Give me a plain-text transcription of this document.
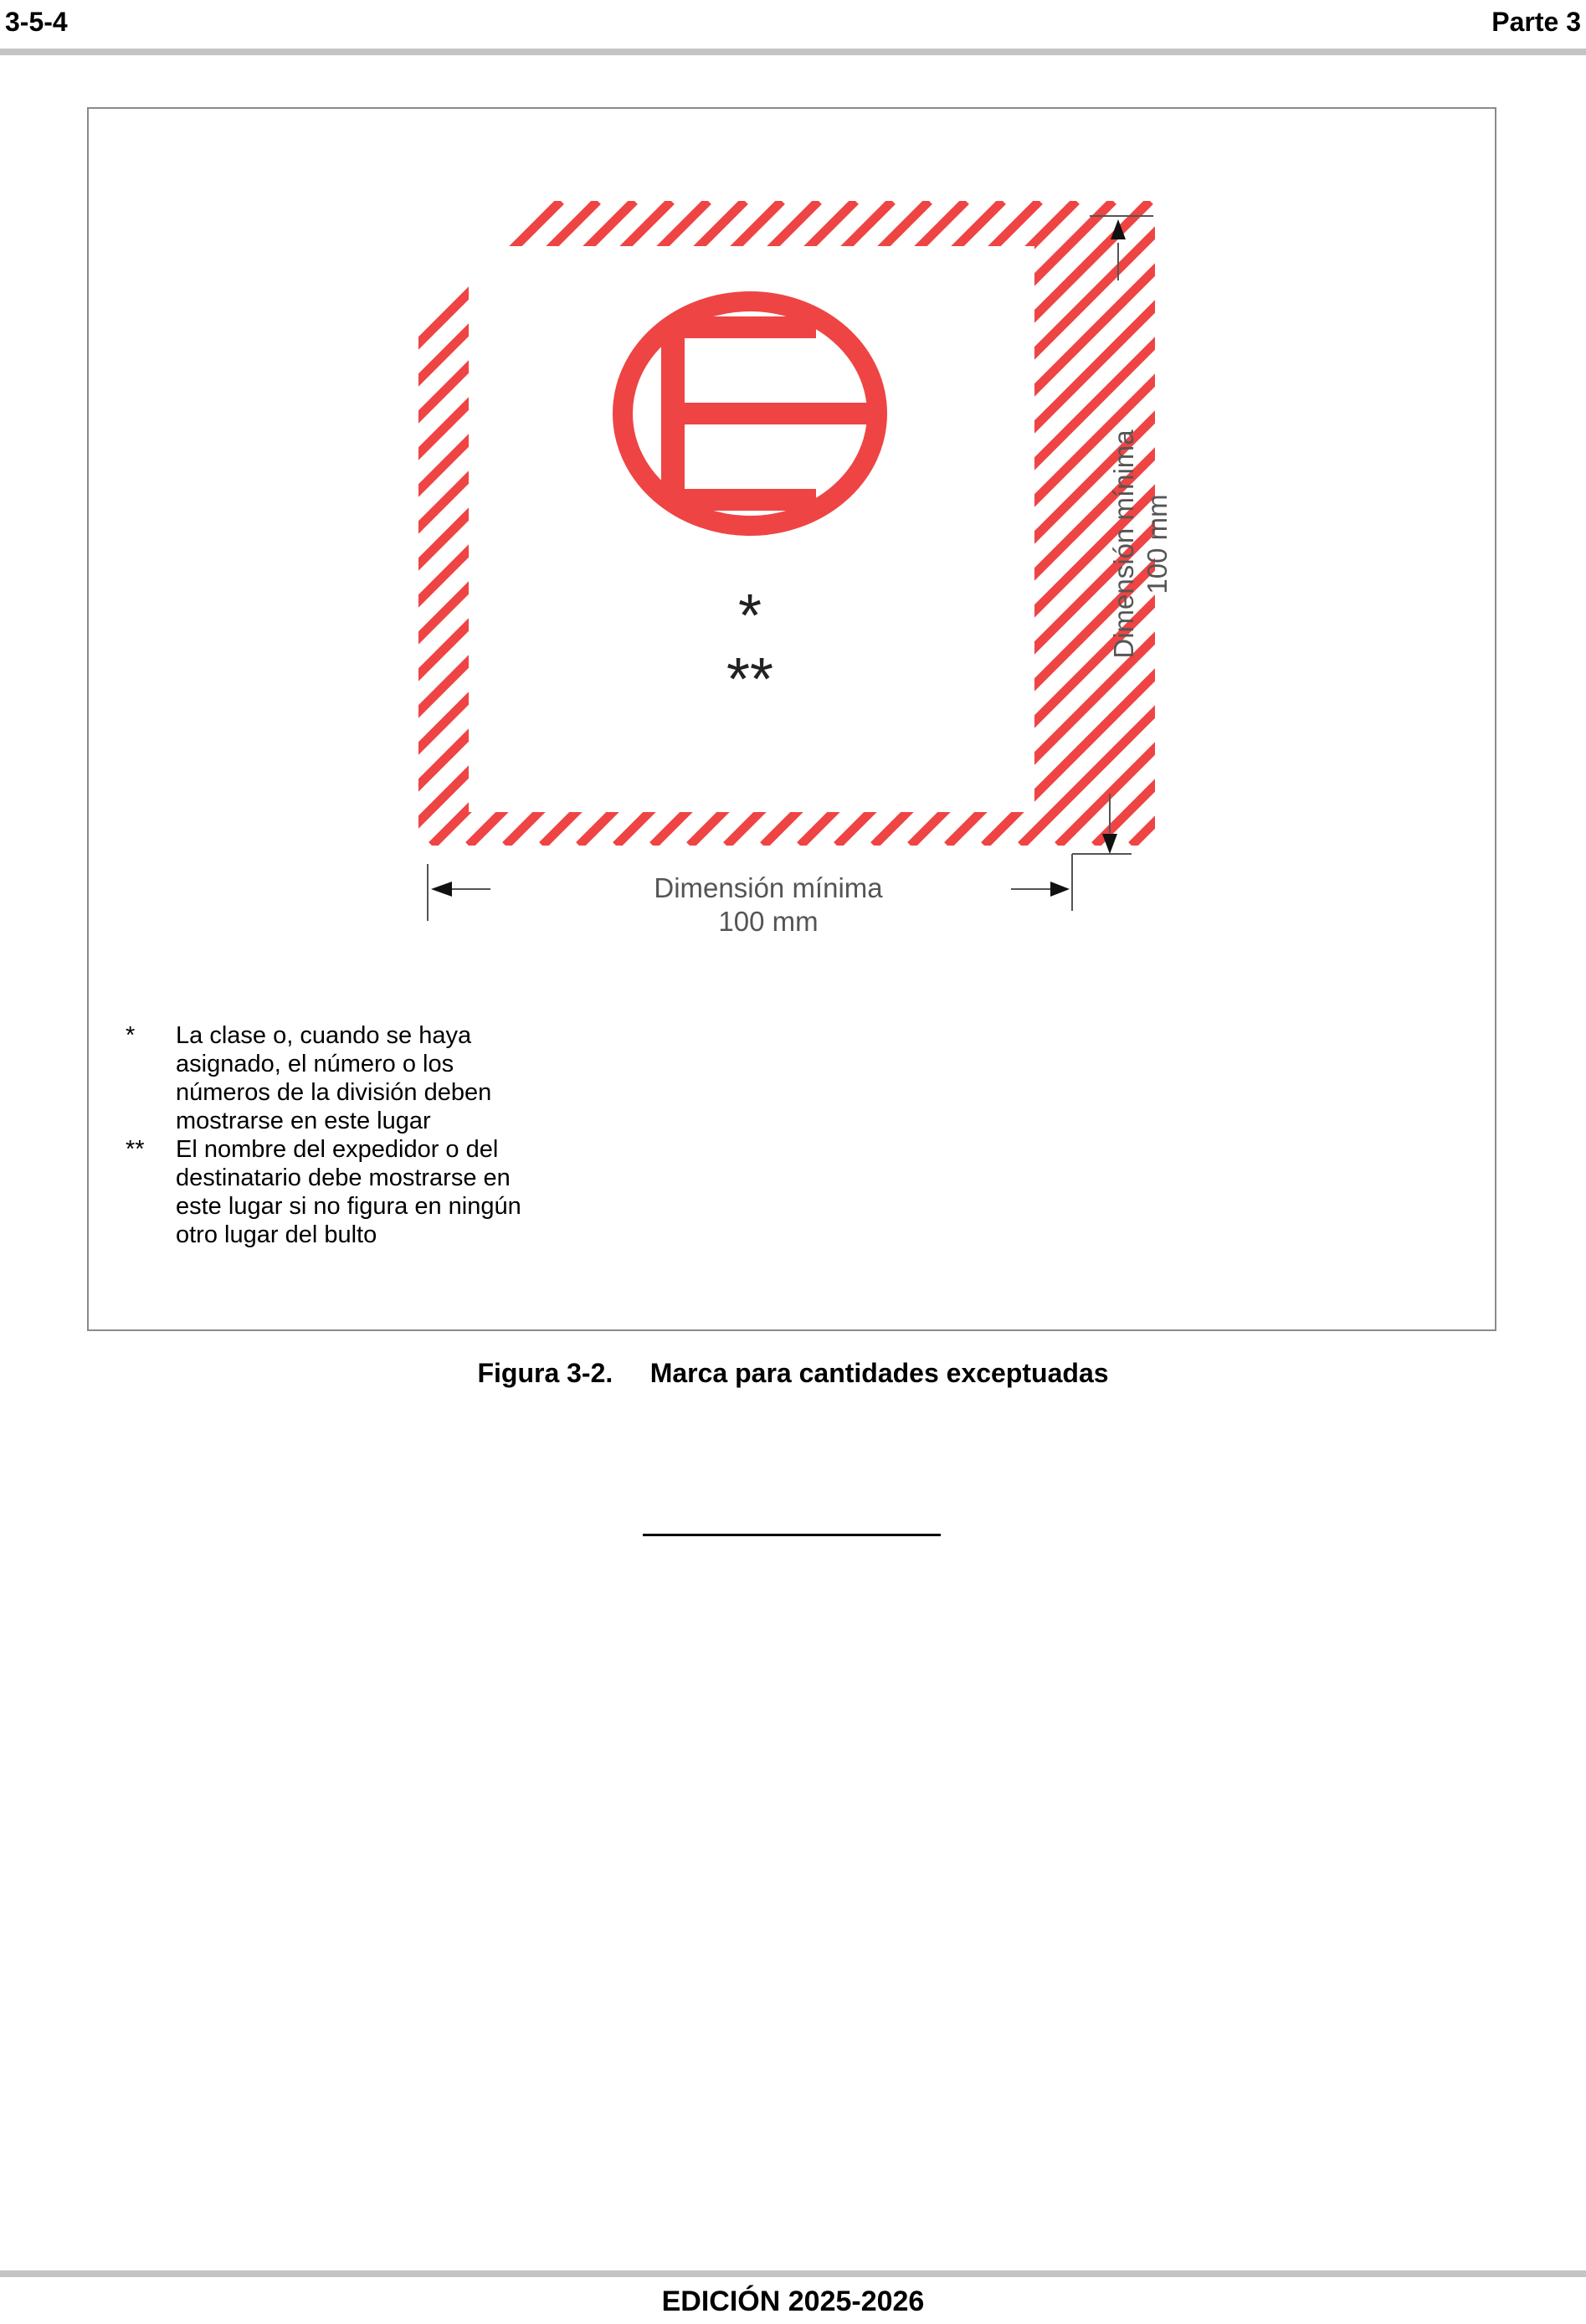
3-5-4	Parte 3
*
**
Dimensión mínima
100 mm
Dimensión mínima 100 mm
*	La clase o, cuando se haya asignado, el número o los números de la división deben mostrarse en este lugar
**	El nombre del expedidor o del destinatario debe mostrarse en este lugar si no figura en ningún otro lugar del bulto
Figura 3-2. Marca para cantidades exceptuadas
EDICIÓN 2025-2026
